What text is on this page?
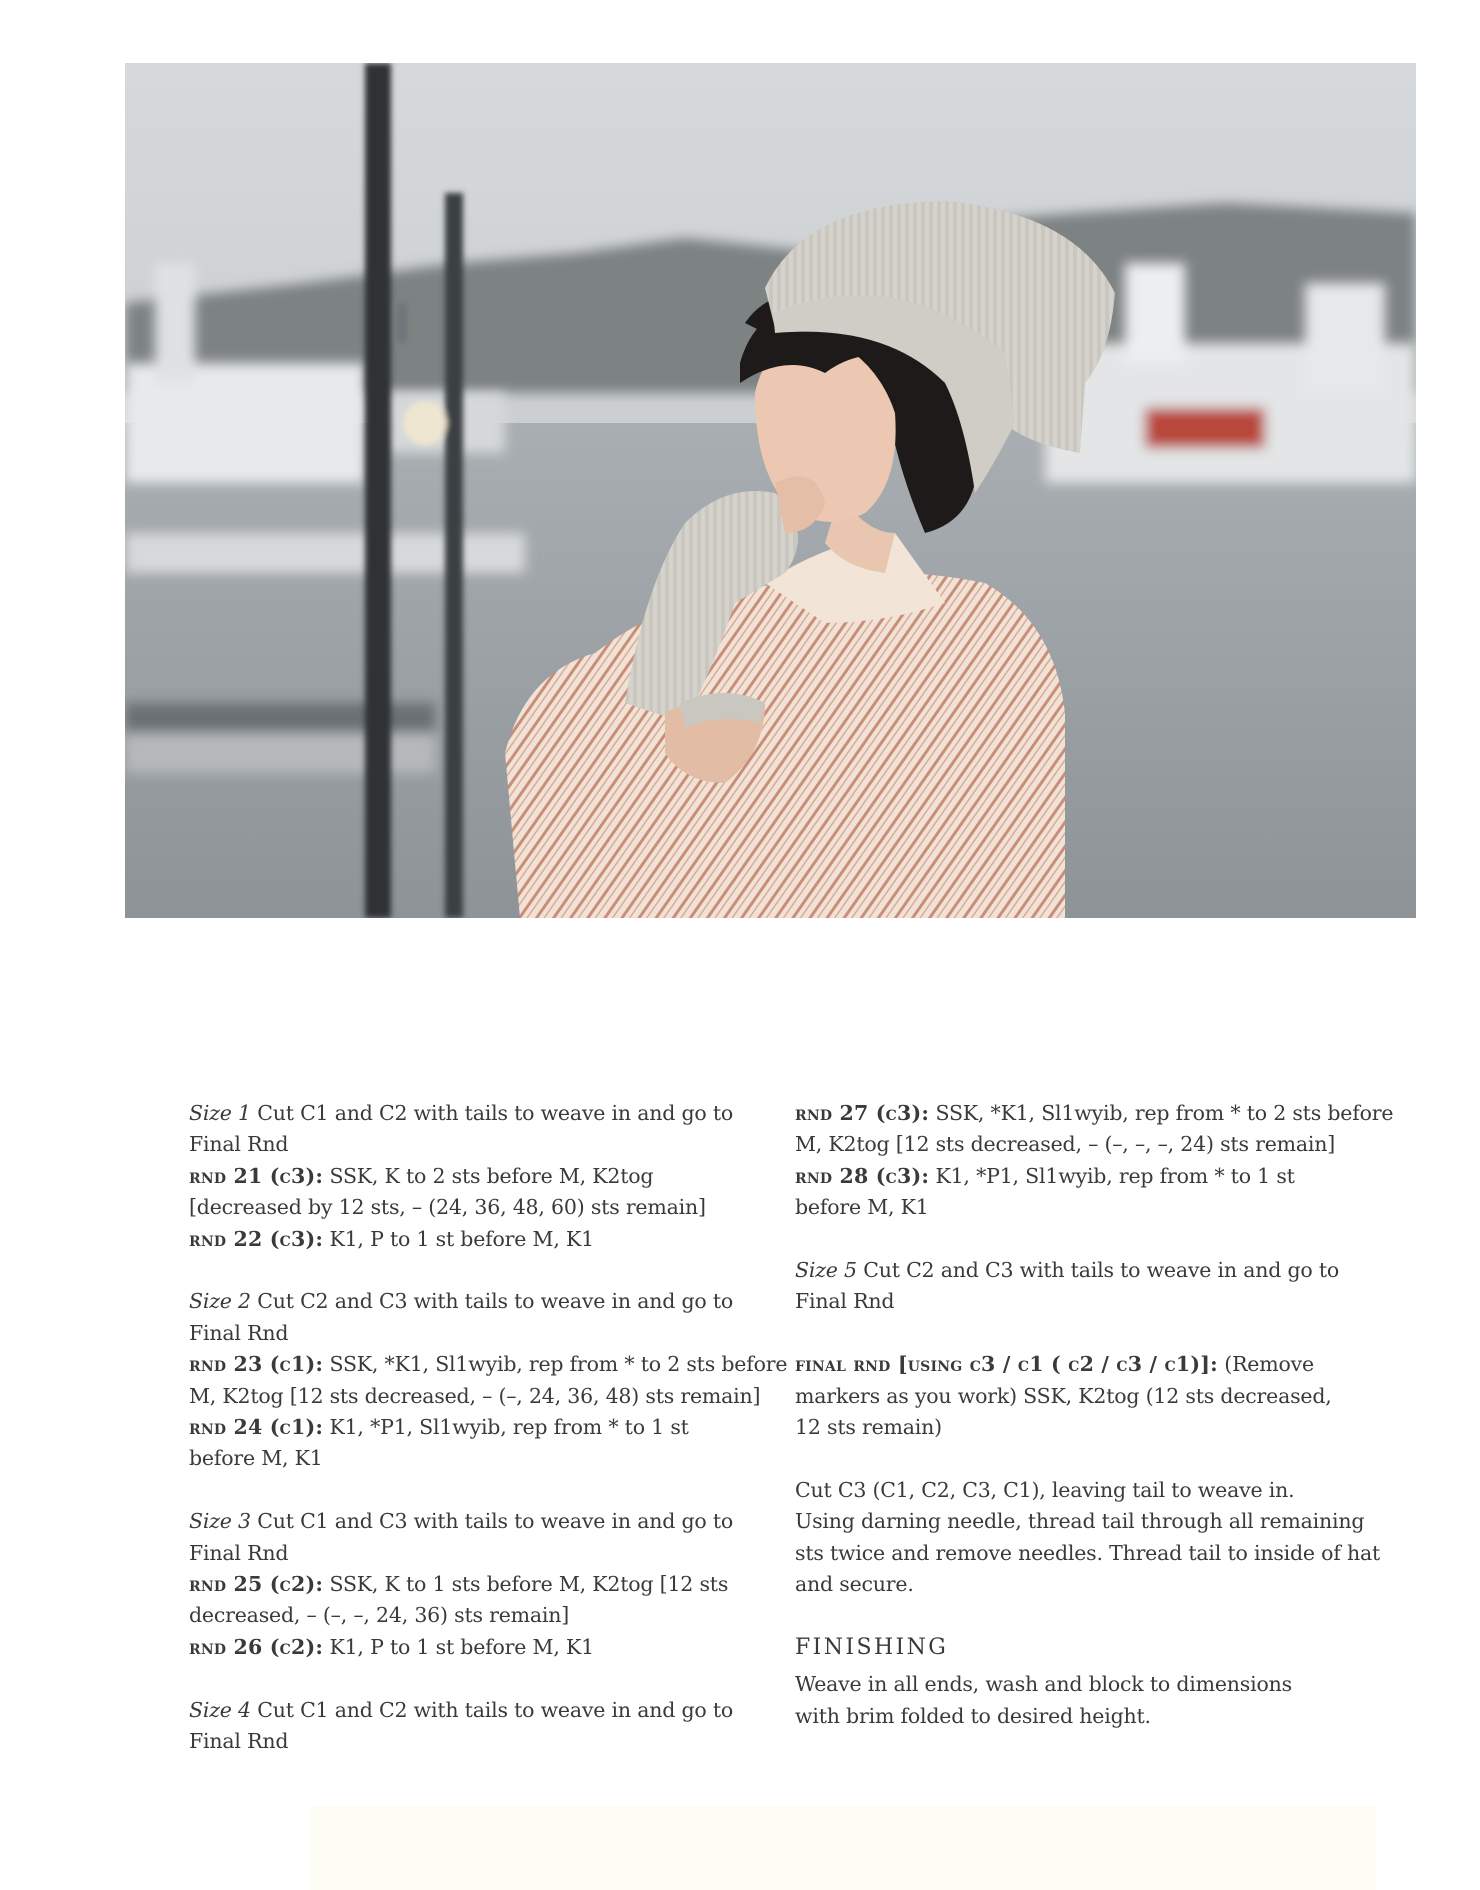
Size 1 Cut C1 and C2 with tails to weave in and go to
Final Rnd
rnd 21 (c3): SSK, K to 2 sts before M, K2tog
[decreased by 12 sts, – (24, 36, 48, 60) sts remain]
rnd 22 (c3): K1, P to 1 st before M, K1
Size 2 Cut C2 and C3 with tails to weave in and go to
Final Rnd
rnd 23 (c1): SSK, *K1, Sl1wyib, rep from * to 2 sts before
M, K2tog [12 sts decreased, – (–, 24, 36, 48) sts remain]
rnd 24 (c1): K1, *P1, Sl1wyib, rep from * to 1 st
before M, K1
Size 3 Cut C1 and C3 with tails to weave in and go to
Final Rnd
rnd 25 (c2): SSK, K to 1 sts before M, K2tog [12 sts
decreased, – (–, –, 24, 36) sts remain]
rnd 26 (c2): K1, P to 1 st before M, K1
Size 4 Cut C1 and C2 with tails to weave in and go to
Final Rnd
rnd 27 (c3): SSK, *K1, Sl1wyib, rep from * to 2 sts before
M, K2tog [12 sts decreased, – (–, –, –, 24) sts remain]
rnd 28 (c3): K1, *P1, Sl1wyib, rep from * to 1 st
before M, K1
Size 5 Cut C2 and C3 with tails to weave in and go to
Final Rnd
final rnd [using c3 / c1 ( c2 / c3 / c1)]: (Remove
markers as you work) SSK, K2tog (12 sts decreased,
12 sts remain)
Cut C3 (C1, C2, C3, C1), leaving tail to weave in.
Using darning needle, thread tail through all remaining
sts twice and remove needles. Thread tail to inside of hat
and secure.
FINISHING
Weave in all ends, wash and block to dimensions
with brim folded to desired height.
